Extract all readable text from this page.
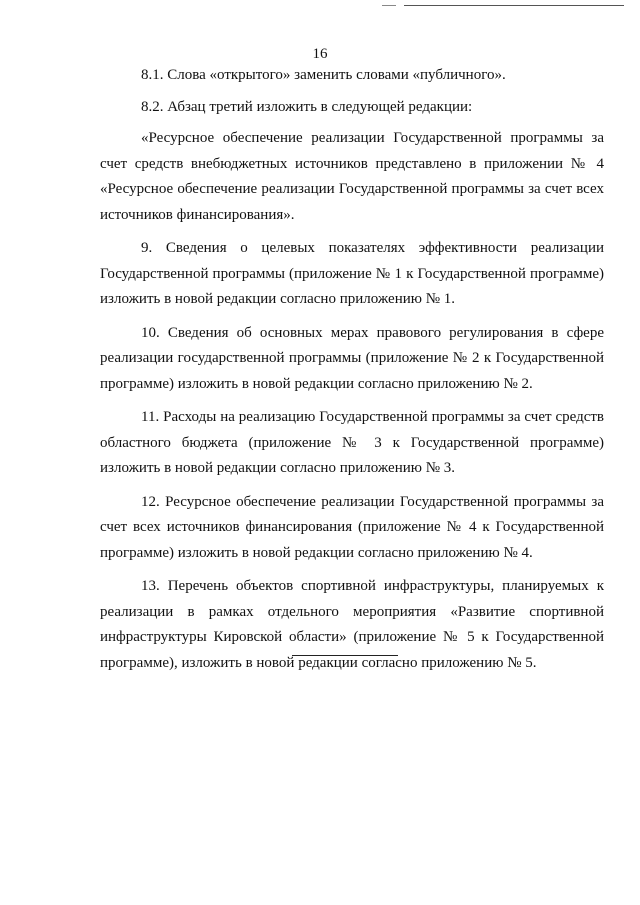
16

8.1. Слова «открытого» заменить словами «публичного».

8.2. Абзац третий изложить в следующей редакции:

«Ресурсное обеспечение реализации Государственной программы за счет средств внебюджетных источников представлено в приложении № 4 «Ресурсное обеспечение реализации Государственной программы за счет всех источников финансирования».

9. Сведения о целевых показателях эффективности реализации Государственной программы (приложение № 1 к Государственной программе) изложить в новой редакции согласно приложению № 1.

10. Сведения об основных мерах правового регулирования в сфере реализации государственной программы (приложение № 2 к Государственной программе) изложить в новой редакции согласно приложению № 2.

11. Расходы на реализацию Государственной программы за счет средств областного бюджета (приложение № 3 к Государственной программе) изложить в новой редакции согласно приложению № 3.

12. Ресурсное обеспечение реализации Государственной программы за счет всех источников финансирования (приложение № 4 к Государственной программе) изложить в новой редакции согласно приложению № 4.

13. Перечень объектов спортивной инфраструктуры, планируемых к реализации в рамках отдельного мероприятия «Развитие спортивной инфраструктуры Кировской области» (приложение № 5 к Государственной программе), изложить в новой редакции согласно приложению № 5.
